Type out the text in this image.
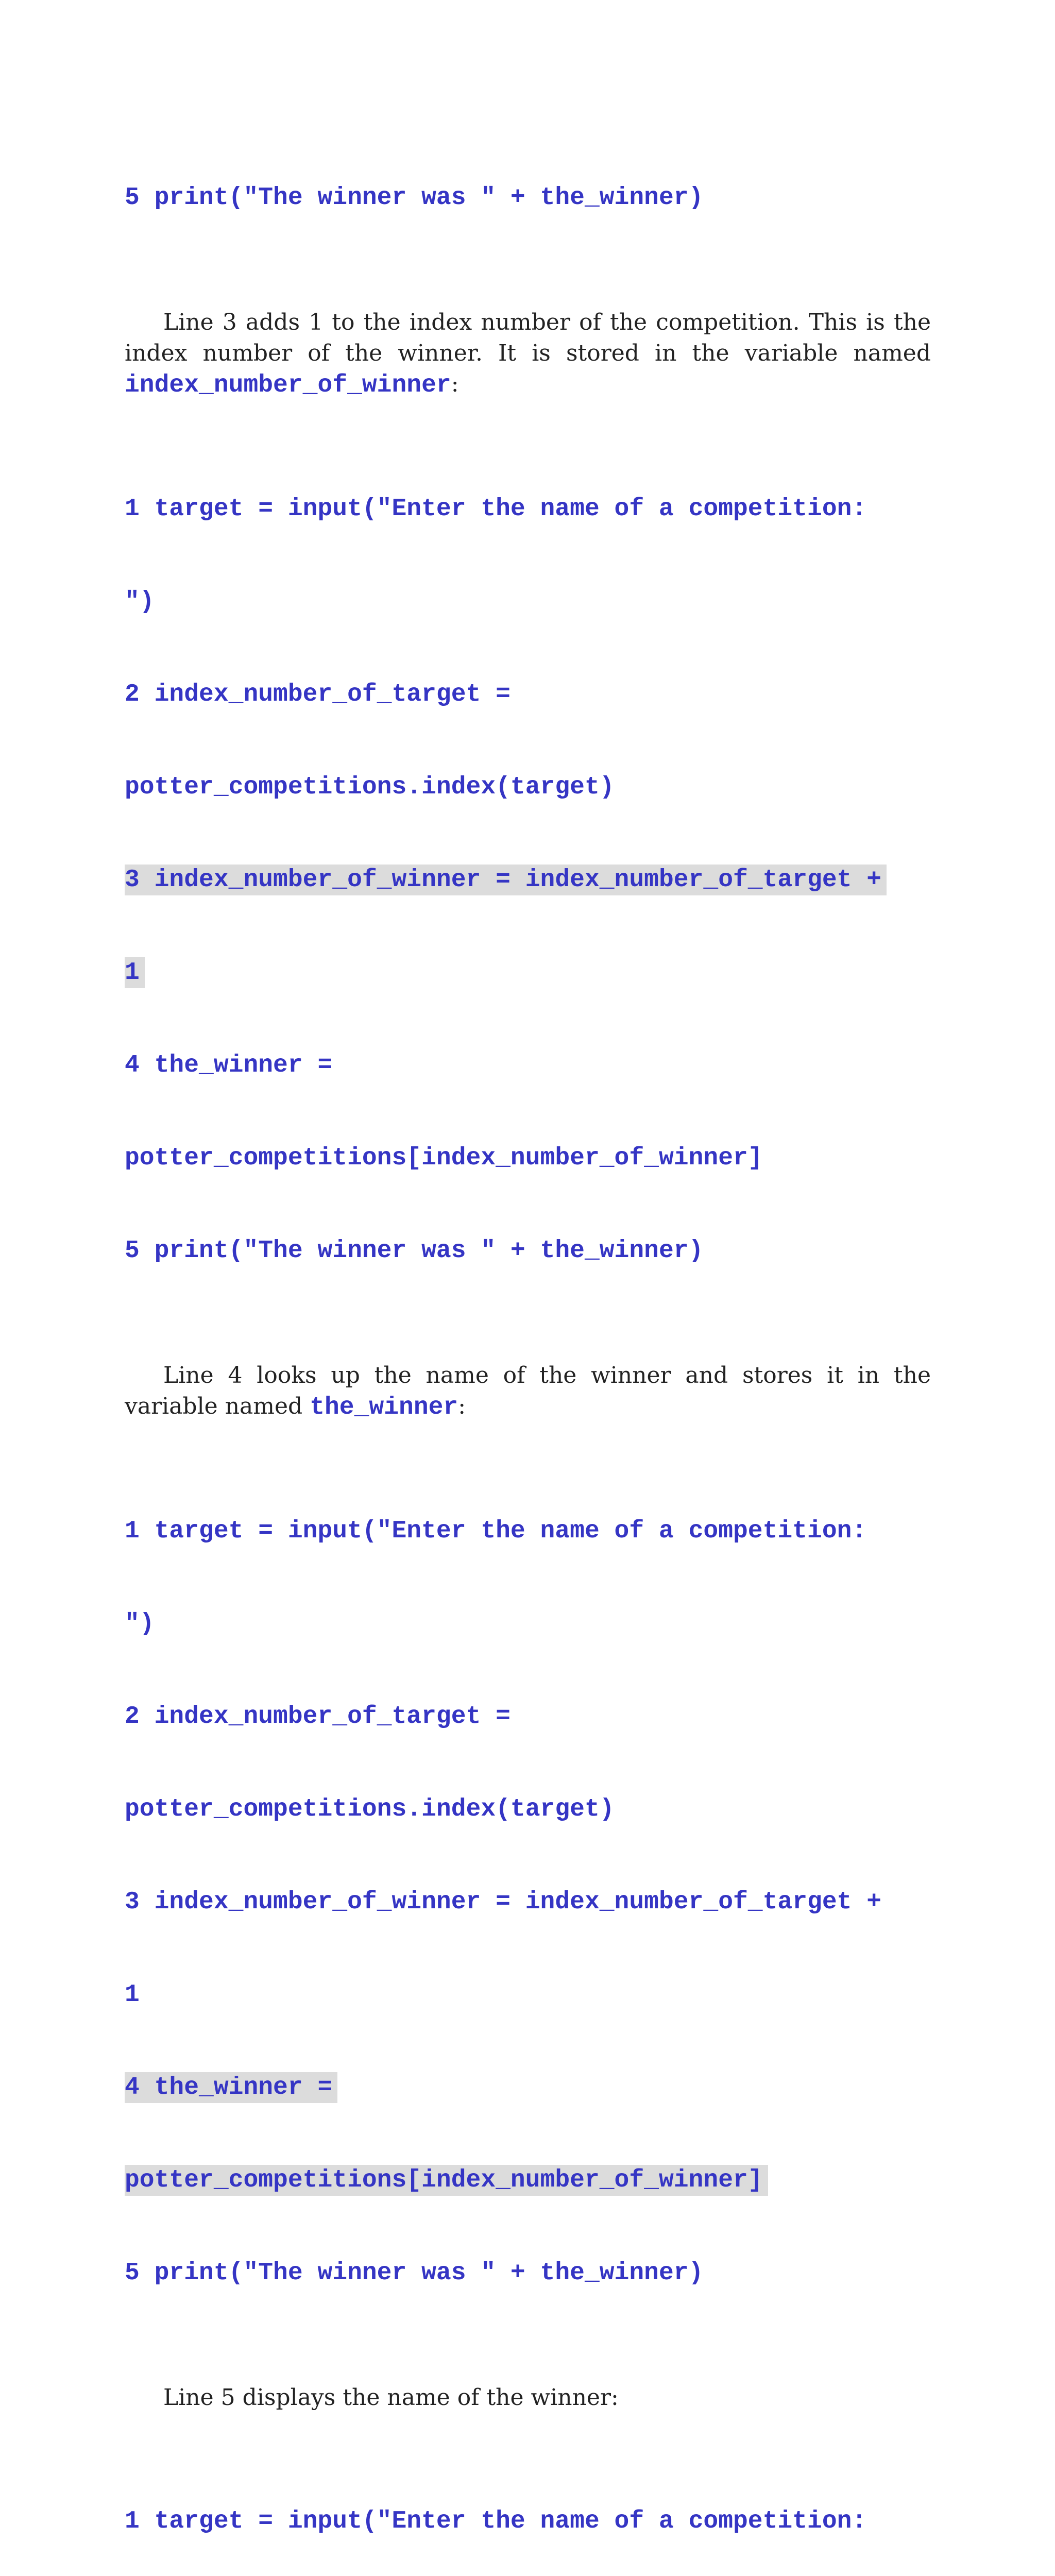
5 print("The winner was " + the_winner)

Line 3 adds 1 to the index number of the competition. This is the index number of the winner. It is stored in the variable named index_number_of_winner:

1 target = input("Enter the name of a competition:

")

2 index_number_of_target =

potter_competitions.index(target)

3 index_number_of_winner = index_number_of_target +

1

4 the_winner =

potter_competitions[index_number_of_winner]

5 print("The winner was " + the_winner)

Line 4 looks up the name of the winner and stores it in the variable named the_winner:

1 target = input("Enter the name of a competition:

")

2 index_number_of_target =

potter_competitions.index(target)

3 index_number_of_winner = index_number_of_target +

1

4 the_winner =

potter_competitions[index_number_of_winner]

5 print("The winner was " + the_winner)

Line 5 displays the name of the winner:

1 target = input("Enter the name of a competition:
